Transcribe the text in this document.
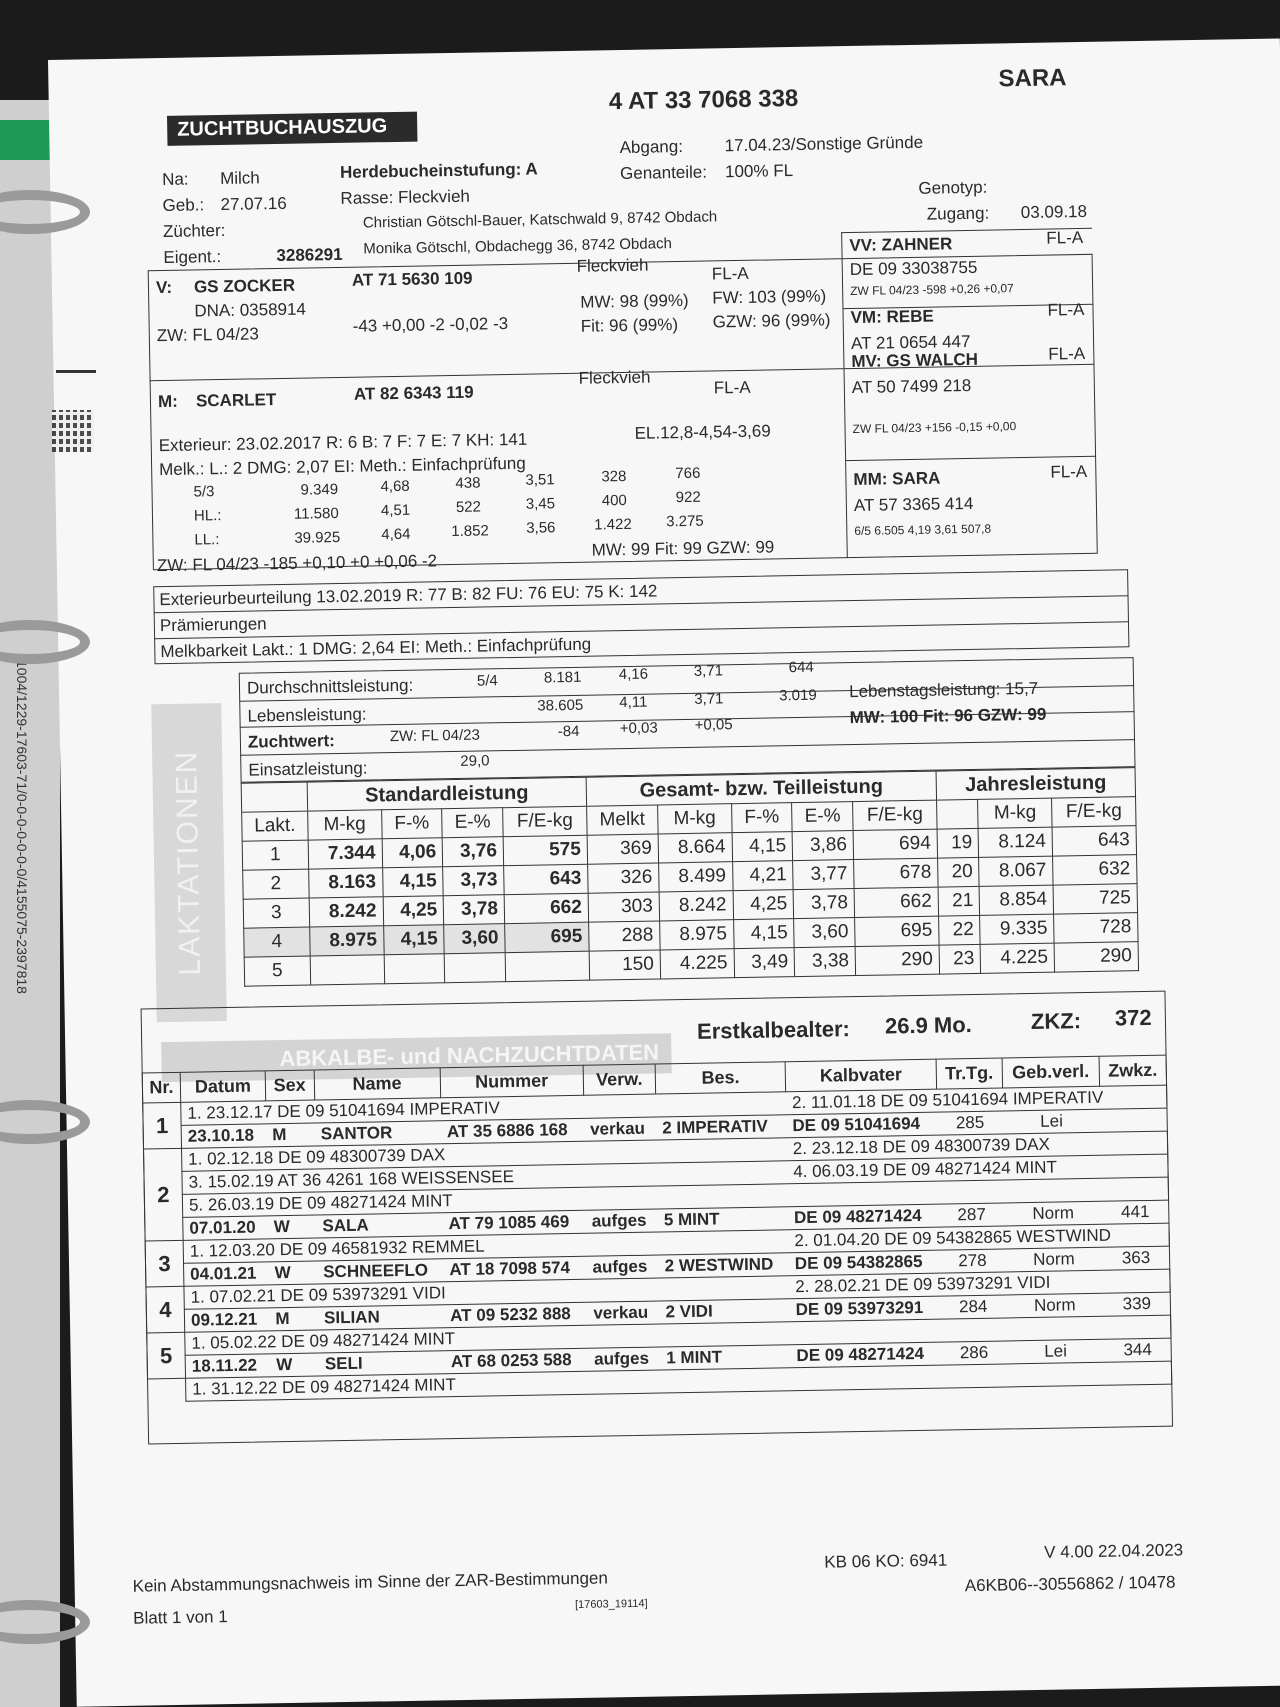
ZUCHTBUCHAUSZUG
4 AT 33 7068 338
SARA
Na: Milch
Geb.: 27.07.16
Züchter:
Eigent.:	3286291
Herdebucheinstufung: A
Rasse: Fleckvieh
Christian Götschl-Bauer, Katschwald 9, 8742 Obdach
Monika Götschl, Obdachegg 36, 8742 Obdach
Abgang: 17.04.23/Sonstige Gründe
Genanteile: 100% FL
Genotyp:
Zugang: 03.09.18
V: GS ZOCKER	AT 71 5630 109
Fleckvieh
DNA: 0358914
ZW: FL 04/23	-43 +0,00 -2 -0,02 -3
FL-A
MW: 98 (99%) FW: 103 (99%)
Fit: 96 (99%) GZW: 96 (99%)
VV: ZAHNER	FL-A
DE 09 33038755
ZW FL 04/23 -598 +0,26 +0,07
VM: REBE	FL-A
AT 21 0654 447
M: SCARLET	AT 82 6343 119
Fleckvieh	FL-A
Exterieur: 23.02.2017 R: 6 B: 7 F: 7 E: 7 KH: 141	EL.12,8-4,54-3,69
Melk.: L.: 2 DMG: 2,07 EI: Meth.: Einfachprüfung
5/3	9.349	4,68	438	3,51	328	766
HL.:	11.580	4,51	522	3,45	400	922
LL.:	39.925	4,64	1.852 3,56	1.422 3.275
MW: 99 Fit: 99 GZW: 99
ZW: FL 04/23 -185 +0,10 +0 +0,06 -2
MV: GS WALCH	FL-A
AT 50 7499 218
ZW FL 04/23 +156 -0,15 +0,00
MM: SARA	FL-A
AT 57 3365 414
6/5 6.505 4,19 3,61 507,8
Exterieurbeurteilung 13.02.2019 R: 77 B: 82 FU: 76 EU: 75 K: 142
Prämierungen
Melkbarkeit Lakt.: 1 DMG: 2,64 EI: Meth.: Einfachprüfung
LAKTATIONEN
Durchschnittsleistung:	5/4	8.181 4,16	3,71	644
Lebensleistung:	38.605 4,11	3,71	3.019 Lebenstagsleistung: 15,7
Zuchtwert:	ZW: FL 04/23	-84	+0,03 +0,05	MW: 100 Fit: 96 GZW: 99
Einsatzleistung:	29,0
	Standardleistung				Gesamt- bzw. Teilleistung					Jahresleistung		
Lakt.	M-kg	F-%	E-%	F/E-kg	Melkt	M-kg	F-%	E-%	F/E-kg		M-kg	F/E-kg
1	7.344	4,06	3,76	575	369	8.664	4,15	3,86	694	19	8.124	643
2	8.163	4,15	3,73	643	326	8.499	4,21	3,77	678	20	8.067	632
3	8.242	4,25	3,78	662	303	8.242	4,25	3,78	662	21	8.854	725
4	8.975	4,15	3,60	695	288	8.975	4,15	3,60	695	22	9.335	728
5					150	4.225	3,49	3,38	290	23	4.225	290
ABKALBE- und NACHZUCHTDATEN
Erstkalbealter: 26.9 Mo.	ZKZ: 372
Nr.	Datum	Sex	Name	Nummer	Verw.	Bes.	Kalbvater	Tr.Tg.	Geb.verl.	Zwkz.
1	1. 23.12.17 DE 09 51041694 IMPERATIV						2. 11.01.18 DE 09 51041694 IMPERATIV			
	23.10.18	M	SANTOR	AT 35 6886 168	verkau	2 IMPERATIV	DE 09 51041694	285	Lei	
2	1. 02.12.18 DE 09 48300739 DAX						2. 23.12.18 DE 09 48300739 DAX			
	3. 15.02.19 AT 36 4261 168 WEISSENSEE						4. 06.03.19 DE 09 48271424 MINT			
	5. 26.03.19 DE 09 48271424 MINT									
	07.01.20	W	SALA	AT 79 1085 469	aufges	5 MINT	DE 09 48271424	287	Norm	441
3	1. 12.03.20 DE 09 46581932 REMMEL						2. 01.04.20 DE 09 54382865 WESTWIND			
	04.01.21	W	SCHNEEFLO	AT 18 7098 574	aufges	2 WESTWIND	DE 09 54382865	278	Norm	363
4	1. 07.02.21 DE 09 53973291 VIDI						2. 28.02.21 DE 09 53973291 VIDI			
	09.12.21	M	SILIAN	AT 09 5232 888	verkau	2 VIDI	DE 09 53973291	284	Norm	339
5	1. 05.02.22 DE 09 48271424 MINT									
	18.11.22	W	SELI	AT 68 0253 588	aufges	1 MINT	DE 09 48271424	286	Lei	344
	1. 31.12.22 DE 09 48271424 MINT									
Kein Abstammungsnachweis im Sinne der ZAR-Bestimmungen
KB 06 KO: 6941	V 4.00 22.04.2023
Blatt 1 von 1
[17603_19114]
A6KB06--30556862 / 10478
1004/1229-17603-71/0-0-0-0-0-0-0/4155075-2397818
